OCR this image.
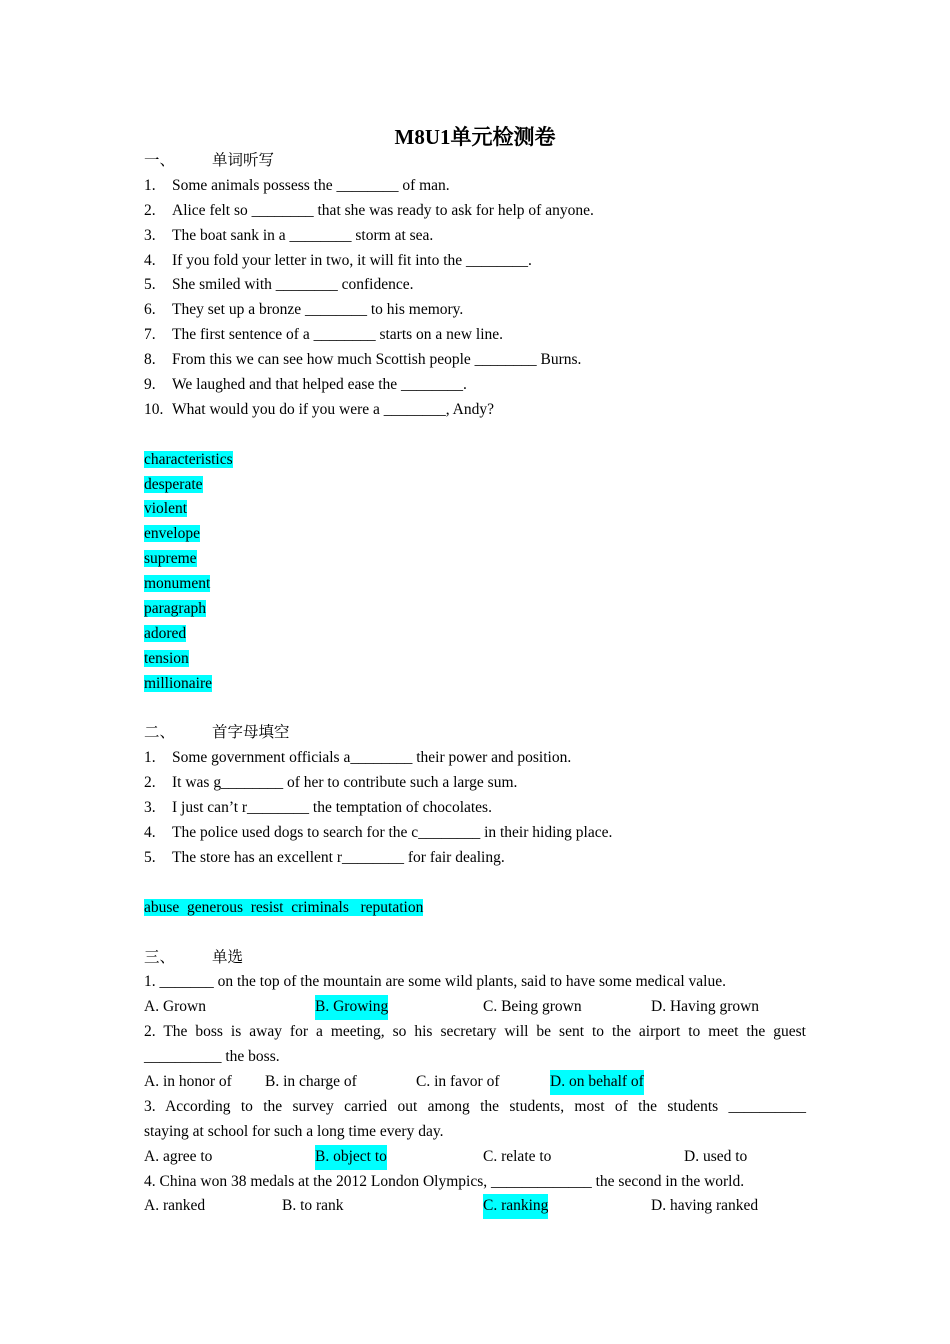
M8U1单元检测卷
一、 单词听写
1. Some animals possess the ________ of man.
2. Alice felt so ________ that she was ready to ask for help of anyone.
3. The boat sank in a ________ storm at sea.
4. If you fold your letter in two, it will fit into the ________.
5. She smiled with ________ confidence.
6. They set up a bronze ________ to his memory.
7. The first sentence of a ________ starts on a new line.
8. From this we can see how much Scottish people ________ Burns.
9. We laughed and that helped ease the ________.
10. What would you do if you were a ________, Andy?
characteristics
desperate
violent
envelope
supreme
monument
paragraph
adored
tension
millionaire
二、 首字母填空
1. Some government officials a________ their power and position.
2. It was g________ of her to contribute such a large sum.
3. I just can’t r________ the temptation of chocolates.
4. The police used dogs to search for the c________ in their hiding place.
5. The store has an excellent r________ for fair dealing.
abuse  generous  resist  criminals   reputation
三、 单选
1. _______ on the top of the mountain are some wild plants, said to have some medical value.
A. Grown	B. Growing	C. Being grown	D. Having grown
2. The boss is away for a meeting, so his secretary will be sent to the airport to meet the guest
__________ the boss.
A. in honor of B. in charge of	C. in favor of	D. on behalf of
3. According to the survey carried out among the students, most of the students __________
staying at school for such a long time every day.
A. agree to	B. object to	C. relate to	D. used to
4. China won 38 medals at the 2012 London Olympics, _____________ the second in the world.
A. ranked	B. to rank	C. ranking	D. having ranked
